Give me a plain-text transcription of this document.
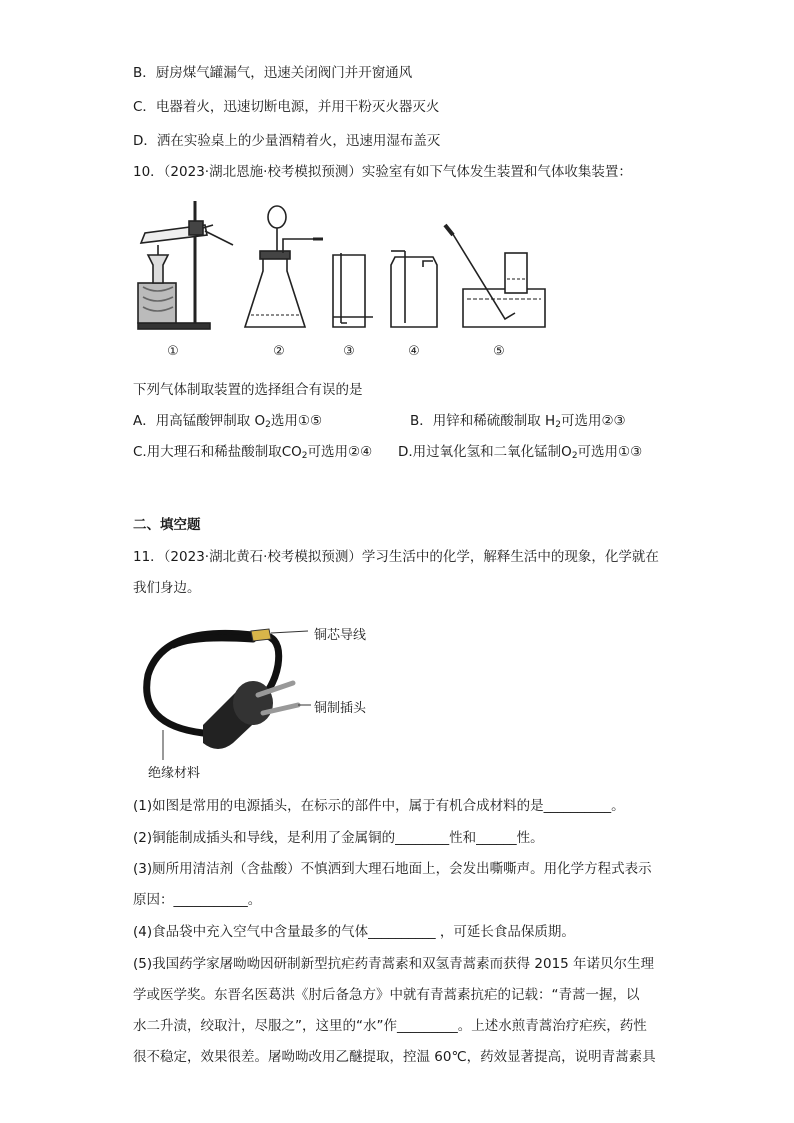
B．厨房煤气罐漏气，迅速关闭阀门并开窗通风
C．电器着火，迅速切断电源，并用干粉灭火器灭火
D．洒在实验桌上的少量酒精着火，迅速用湿布盖灭
10．（2023·湖北恩施·校考模拟预测）实验室有如下气体发生装置和气体收集装置：
①	②	③	④	⑤
下列气体制取装置的选择组合有误的是
A．用高锰酸钾制取 $O_2$选用①⑤	B．用锌和稀硫酸制取 $H_2$可选用②③
C.用大理石和稀盐酸制取$CO_2$可选用②④ D.用过氧化氢和二氧化锰制$O_2$可选用①③
二、填空题
11．（2023·湖北黄石·校考模拟预测）学习生活中的化学，解释生活中的现象，化学就在
我们身边。
铜芯导线
铜制插头
绝缘材料
(1)如图是常用的电源插头，在标示的部件中，属于有机合成材料的是__________。
(2)铜能制成插头和导线，是利用了金属铜的________性和______性。
(3)厕所用清洁剂（含盐酸）不慎洒到大理石地面上，会发出嘶嘶声。用化学方程式表示
原因：___________。
(4)食品袋中充入空气中含量最多的气体__________ ，可延长食品保质期。
(5)我国药学家屠呦呦因研制新型抗疟药青蒿素和双氢青蒿素而获得 2015 年诺贝尔生理
学或医学奖。东晋名医葛洪《肘后备急方》中就有青蒿素抗疟的记载：“青蒿一握，以
水二升渍，绞取汁，尽服之”，这里的“水”作_________。上述水煎青蒿治疗疟疾，药性
很不稳定，效果很差。屠呦呦改用乙醚提取，控温 60℃，药效显著提高，说明青蒿素具
